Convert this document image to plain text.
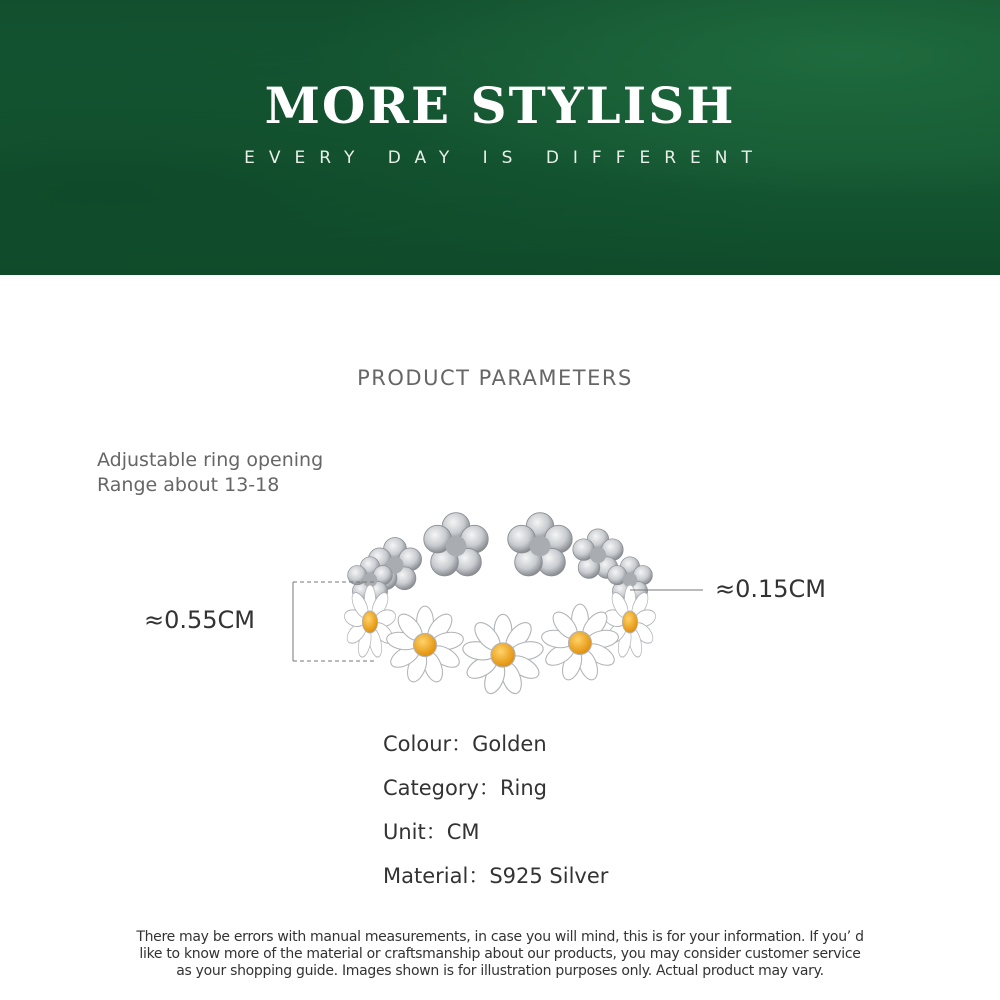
MORE STYLISH
EVERY DAY IS DIFFERENT
PRODUCT PARAMETERS
Adjustable ring opening
Range about 13-18
≈0.55CM
≈0.15CM
Colour：Golden
Category：Ring
Unit：CM
Material：S925 Silver
There may be errors with manual measurements, in case you will mind, this is for your information. If you’ d
like to know more of the material or craftsmanship about our products, you may consider customer service
as your shopping guide. Images shown is for illustration purposes only. Actual product may vary.
